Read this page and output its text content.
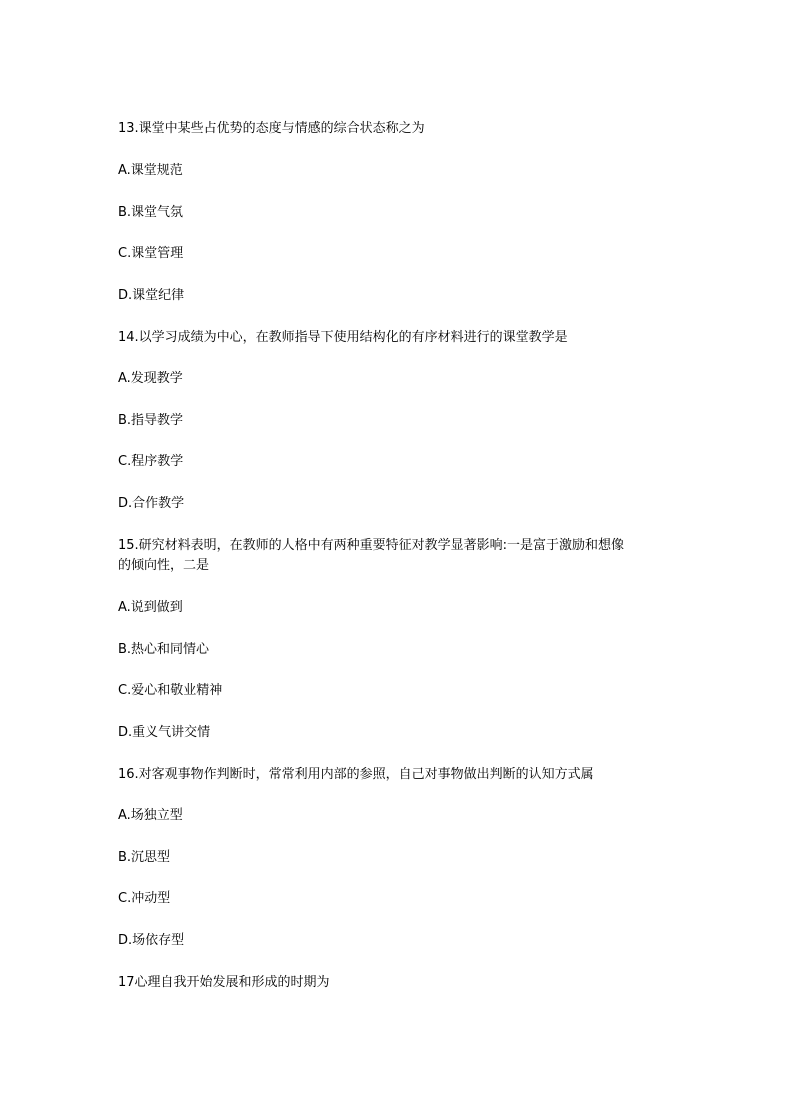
13.课堂中某些占优势的态度与情感的综合状态称之为
A.课堂规范
B.课堂气氛
C.课堂管理
D.课堂纪律
14.以学习成绩为中心，在教师指导下使用结构化的有序材料进行的课堂教学是
A.发现教学
B.指导教学
C.程序教学
D.合作教学
15.研究材料表明，在教师的人格中有两种重要特征对教学显著影响:一是富于激励和想像
的倾向性，二是
A.说到做到
B.热心和同情心
C.爱心和敬业精神
D.重义气讲交情
16.对客观事物作判断时，常常利用内部的参照，自己对事物做出判断的认知方式属
A.场独立型
B.沉思型
C.冲动型
D.场依存型
17心理自我开始发展和形成的时期为
